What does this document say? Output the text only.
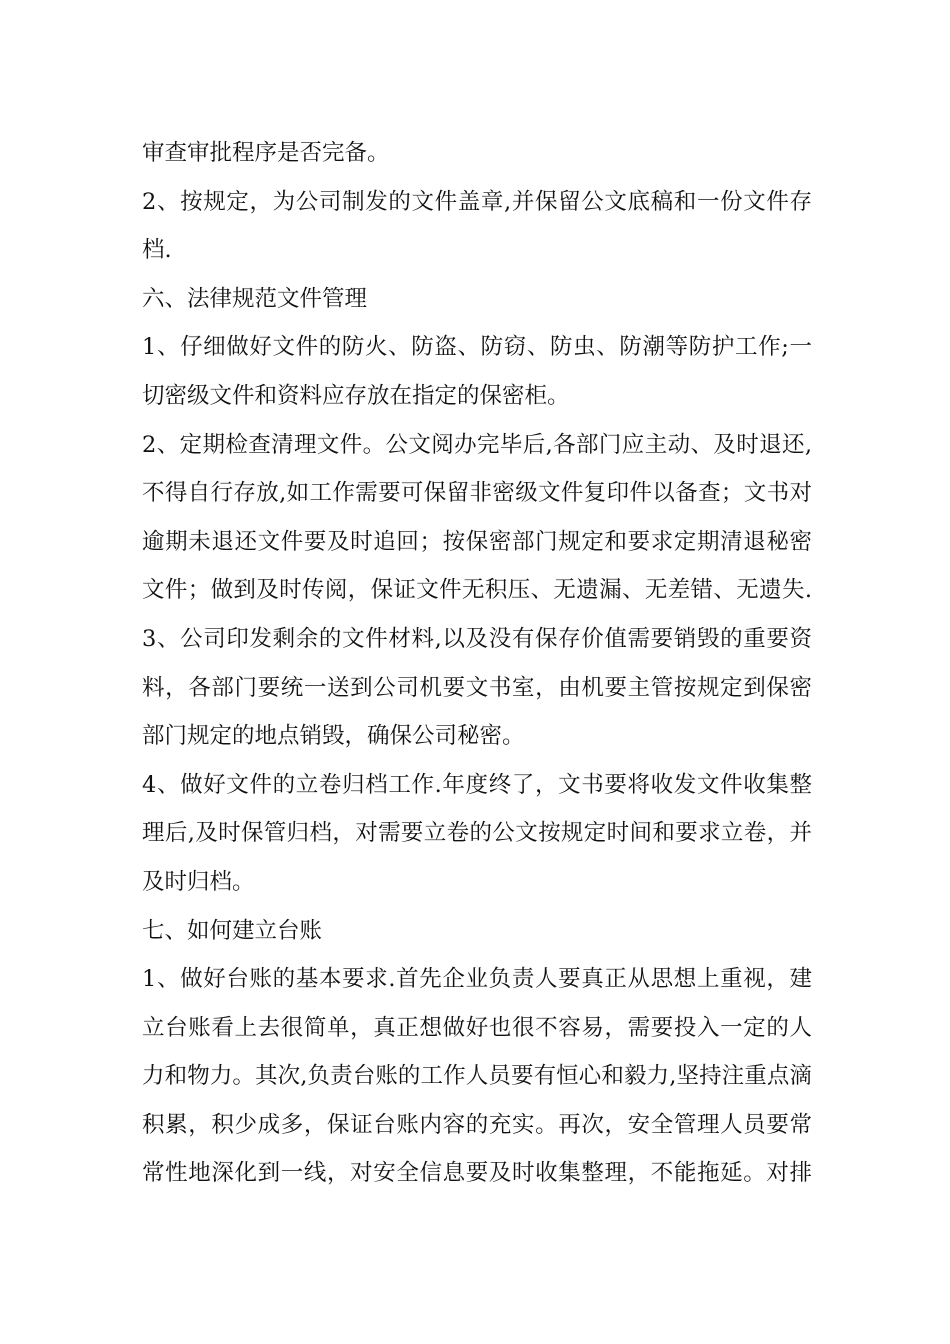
审查审批程序是否完备。
2、按规定，为公司制发的文件盖章,并保留公文底稿和一份文件存
档.
六、法律规范文件管理
1、仔细做好文件的防火、防盗、防窃、防虫、防潮等防护工作;一
切密级文件和资料应存放在指定的保密柜。
2、定期检查清理文件。公文阅办完毕后,各部门应主动、及时退还,
不得自行存放,如工作需要可保留非密级文件复印件以备查；文书对
逾期未退还文件要及时追回；按保密部门规定和要求定期清退秘密
文件；做到及时传阅，保证文件无积压、无遗漏、无差错、无遗失.
3、公司印发剩余的文件材料,以及没有保存价值需要销毁的重要资
料，各部门要统一送到公司机要文书室，由机要主管按规定到保密
部门规定的地点销毁，确保公司秘密。
4、做好文件的立卷归档工作.年度终了，文书要将收发文件收集整
理后,及时保管归档，对需要立卷的公文按规定时间和要求立卷，并
及时归档。
七、如何建立台账
1、做好台账的基本要求.首先企业负责人要真正从思想上重视，建
立台账看上去很简单，真正想做好也很不容易，需要投入一定的人
力和物力。其次,负责台账的工作人员要有恒心和毅力,坚持注重点滴
积累，积少成多，保证台账内容的充实。再次，安全管理人员要常
常性地深化到一线，对安全信息要及时收集整理，不能拖延。对排
